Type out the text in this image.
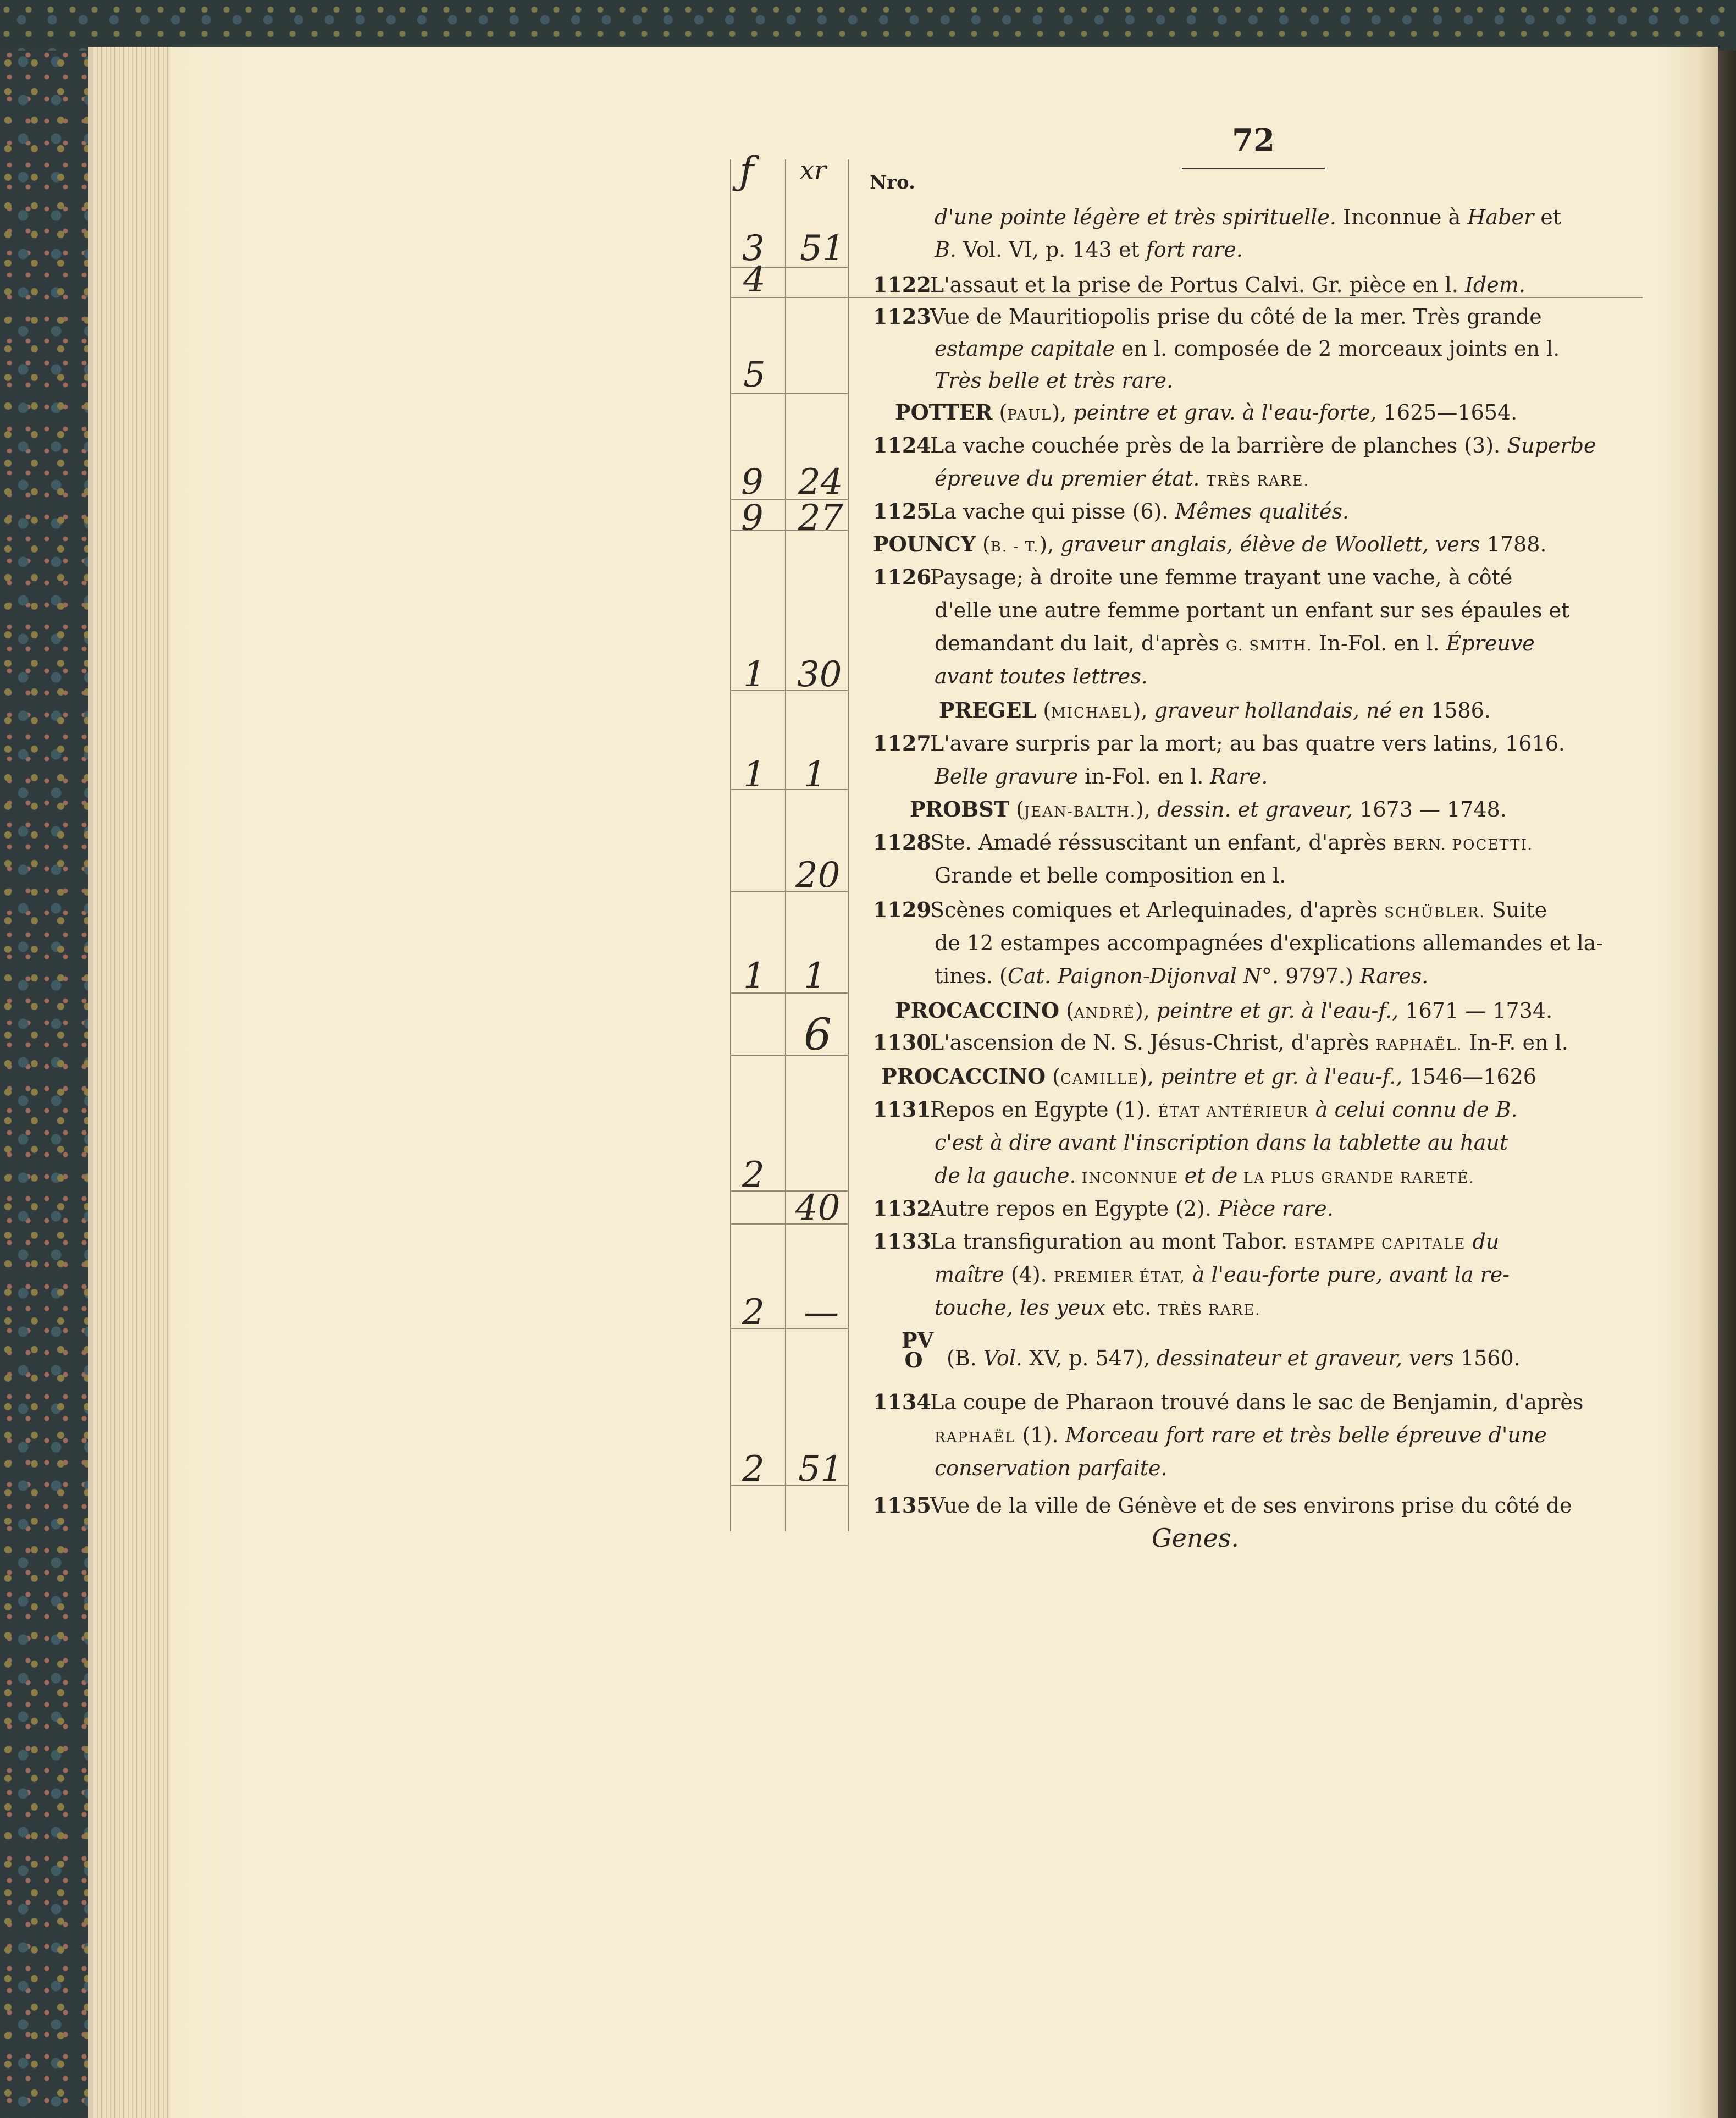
72
ƒ xr Nro.
3 51
4
5
9 24
9 27
1 30
1 1
20
1 1
6
2
40
2 —
2 51
d'une pointe légère et très spirituelle. Inconnue à Haber et
B. Vol. VI, p. 143 et fort rare.
1122L'assaut et la prise de Portus Calvi. Gr. pièce en l. Idem.
1123Vue de Mauritiopolis prise du côté de la mer. Très grande
estampe capitale en l. composée de 2 morceaux joints en l.
Très belle et très rare.
POTTER (PAUL), peintre et grav. à l'eau-forte, 1625—1654.
1124La vache couchée près de la barrière de planches (3). Superbe
épreuve du premier état. TRÈS RARE.
1125La vache qui pisse (6). Mêmes qualités.
POUNCY (B. - T.), graveur anglais, élève de Woollett, vers 1788.
1126Paysage; à droite une femme trayant une vache, à côté
d'elle une autre femme portant un enfant sur ses épaules et
demandant du lait, d'après G. SMITH. In-Fol. en l. Épreuve
avant toutes lettres.
PREGEL (MICHAEL), graveur hollandais, né en 1586.
1127L'avare surpris par la mort; au bas quatre vers latins, 1616.
Belle gravure in-Fol. en l. Rare.
PROBST (JEAN-BALTH.), dessin. et graveur, 1673 — 1748.
1128Ste. Amadé réssuscitant un enfant, d'après BERN. POCETTI.
Grande et belle composition en l.
1129Scènes comiques et Arlequinades, d'après SCHÜBLER. Suite
de 12 estampes accompagnées d'explications allemandes et la-
tines. (Cat. Paignon-Dijonval N°. 9797.) Rares.
PROCACCINO (ANDRÉ), peintre et gr. à l'eau-f., 1671 — 1734.
1130L'ascension de N. S. Jésus-Christ, d'après RAPHAËL. In-F. en l.
PROCACCINO (CAMILLE), peintre et gr. à l'eau-f., 1546—1626
1131Repos en Egypte (1). ÉTAT ANTÉRIEUR à celui connu de B.
c'est à dire avant l'inscription dans la tablette au haut
de la gauche. INCONNUE et de LA PLUS GRANDE RARETÉ.
1132Autre repos en Egypte (2). Pièce rare.
1133La transfiguration au mont Tabor. ESTAMPE CAPITALE du
maître (4). PREMIER ÉTAT, à l'eau-forte pure, avant la re-
touche, les yeux etc. TRÈS RARE.
PV
O (B. Vol. XV, p. 547), dessinateur et graveur, vers 1560.
1134La coupe de Pharaon trouvé dans le sac de Benjamin, d'après
RAPHAËL (1). Morceau fort rare et très belle épreuve d'une
conservation parfaite.
1135Vue de la ville de Génève et de ses environs prise du côté de
Genes.
